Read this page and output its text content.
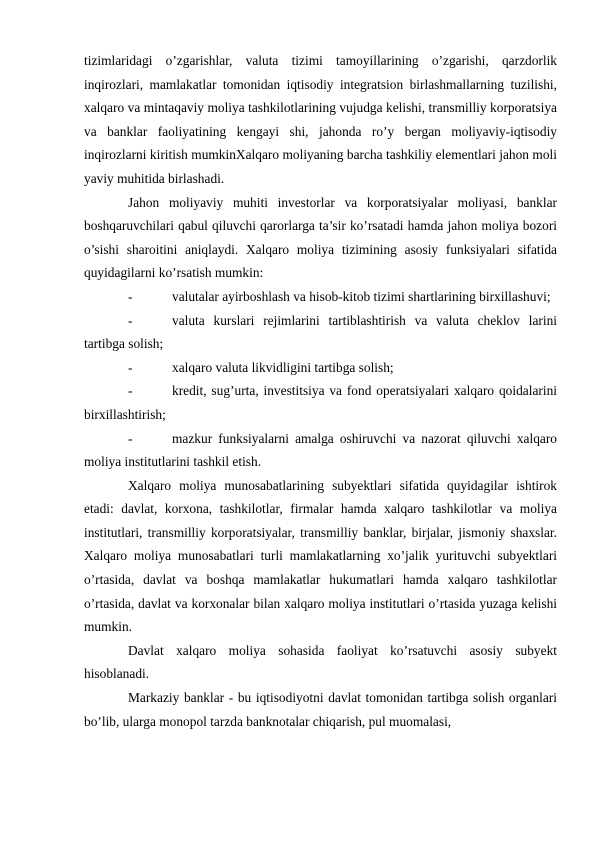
tizimlaridagi o’zgarishlar, valuta tizimi tamoyillarining o’zgarishi, qarzdorlik inqirozlari, mamlakatlar tomonidan iqtisodiy integratsion birlashmallarning tuzilishi, xalqaro va mintaqaviy moliya tashkilotlarining vujudga kelishi, transmilliy korporatsiya va banklar faoliyatining kengayi shi, jahonda ro’y bergan moliyaviy-iqtisodiy inqirozlarni kiritish mumkinXalqaro moliyaning barcha tashkiliy elementlari jahon moli yaviy muhitida birlashadi.

Jahon moliyaviy muhiti investorlar va korporatsiyalar moliyasi, banklar boshqaruvchilari qabul qiluvchi qarorlarga ta’sir ko’rsatadi hamda jahon moliya bozori o’sishi sharoitini aniqlaydi. Xalqaro moliya tizimining asosiy funksiyalari sifatida quyidagilarni ko’rsatish mumkin:

-	valutalar ayirboshlash va hisob-kitob tizimi shartlarining birxillashuvi;
-	valuta kurslari rejimlarini tartiblashtirish va valuta cheklov larini tartibga solish;
-	xalqaro valuta likvidligini tartibga solish;
-	kredit, sug’urta, investitsiya va fond operatsiyalari xalqaro qoidalarini birxillashtirish;
-	mazkur funksiyalarni amalga oshiruvchi va nazorat qiluvchi xalqaro moliya institutlarini tashkil etish.

Xalqaro moliya munosabatlarining subyektlari sifatida quyidagilar ishtirok etadi: davlat, korxona, tashkilotlar, firmalar hamda xalqaro tashkilotlar va moliya institutlari, transmilliy korporatsiyalar, transmilliy banklar, birjalar, jismoniy shaxslar. Xalqaro moliya munosabatlari turli mamlakatlarning xo’jalik yurituvchi subyektlari o’rtasida, davlat va boshqa mamlakatlar hukumatlari hamda xalqaro tashkilotlar o’rtasida, davlat va korxonalar bilan xalqaro moliya institutlari o’rtasida yuzaga kelishi mumkin.

Davlat xalqaro moliya sohasida faoliyat ko’rsatuvchi asosiy subyekt hisoblanadi.

Markaziy banklar - bu iqtisodiyotni davlat tomonidan tartibga solish organlari bo’lib, ularga monopol tarzda banknotalar chiqarish, pul muomalasi,
